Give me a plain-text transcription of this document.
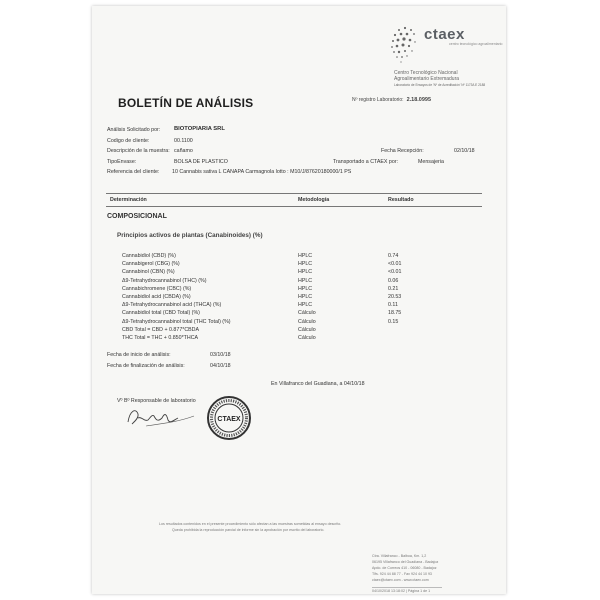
ctaex
centro tecnológico agroalimentario
Centro Tecnológico Nacional
Agroalimentario Extremadura
Laboratorio de Ensayos de 'Nº de Acreditación' Nº 1173/LE 2188
BOLETÍN DE ANÁLISIS	Nº registro Laboratorio: 2.18.0995
Análisis Solicitado por: BIOTOPIARIA SRL
Codigo de cliente:	00.1100
Descripción de la muestra: cañamo	Fecha Recepción:	02/10/18
TipoEnvase:	BOLSA DE PLASTICO	Transportado a CTAEX por:	Mensajeria
Referencia del cliente: 10 Cannabis sativa L CANAPA Carmagnola lotto : M10/J/87620180000/1 PS
Determinación	Metodología	Resultado
COMPOSICIONAL
Principios activos de plantas (Canabinoides) (%)
Cannabidiol (CBD) (%)	HPLC	0.74
Cannabigerol (CBG) (%)	HPLC	<0.01
Cannabinol (CBN) (%)	HPLC	<0.01
Δ9-Tetrahydrocannabinol (THC) (%)	HPLC	0.06
Cannabichromene (CBC) (%)	HPLC	0.21
Cannabidiol acid (CBDA) (%)	HPLC	20.53
Δ9-Tetrahydrocannabinol acid (THCA) (%)	HPLC	0.11
Cannabidiol total (CBD Total) (%)	Cálculo	18.75
Δ9-Tetrahydrocannabinol total (THC Total) (%)	Cálculo	0.15
CBD Total = CBD + 0.877*CBDA	Cálculo
THC Total = THC + 0.850*THCA	Cálculo
Fecha de inicio de análisis:	03/10/18
Fecha de finalización de análisis:	04/10/18
En Villafranco del Guadiana, a 04/10/18
Vº Bº Responsable de laboratorio
CTAEX
Los resultados contenidos en el presente procedimiento sólo afectan a las muestras sometidas al ensayo descrito.
Queda prohibida la reproducción parcial de informe sin la aprobación por escrito del laboratorio.
Ctra. Villafranco - Balboa, Km. 1,2
06195 Villafranco del Guadiana - Badajoz
Apdo. de Correos 410 - 06080 - Badajoz
Tlfs. 924 44 88 77 - Fax 924 44 10 93
ctaex@ctaex.com - www.ctaex.com
04/10/2018 13:18:02 | Página 1 de 1
